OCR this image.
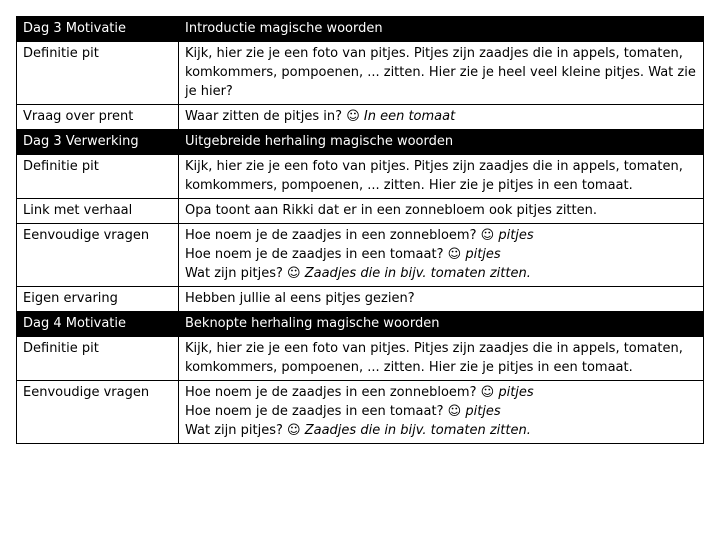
Dag 3 Motivatie	Introductie magische woorden
Definitie pit	Kijk, hier zie je een foto van pitjes. Pitjes zijn zaadjes die in appels, tomaten, komkommers, pompoenen, ... zitten. Hier zie je heel veel kleine pitjes. Wat zie je hier?

Vraag over prent	Waar zitten de pitjes in? ☺ In een tomaat

Dag 3 Verwerking	Uitgebreide herhaling magische woorden
Definitie pit	Kijk, hier zie je een foto van pitjes. Pitjes zijn zaadjes die in appels, tomaten, komkommers, pompoenen, ... zitten. Hier zie je pitjes in een tomaat.

Link met verhaal	Opa toont aan Rikki dat er in een zonnebloem ook pitjes zitten.

Eenvoudige vragen	Hoe noem je de zaadjes in een zonnebloem? ☺ pitjes
Hoe noem je de zaadjes in een tomaat? ☺ pitjes
Wat zijn pitjes? ☺ Zaadjes die in bijv. tomaten zitten.

Eigen ervaring	Hebben jullie al eens pitjes gezien?

Dag 4 Motivatie	Beknopte herhaling magische woorden
Definitie pit	Kijk, hier zie je een foto van pitjes. Pitjes zijn zaadjes die in appels, tomaten, komkommers, pompoenen, ... zitten. Hier zie je pitjes in een tomaat.

Eenvoudige vragen	Hoe noem je de zaadjes in een zonnebloem? ☺ pitjes
Hoe noem je de zaadjes in een tomaat? ☺ pitjes
Wat zijn pitjes? ☺ Zaadjes die in bijv. tomaten zitten.
